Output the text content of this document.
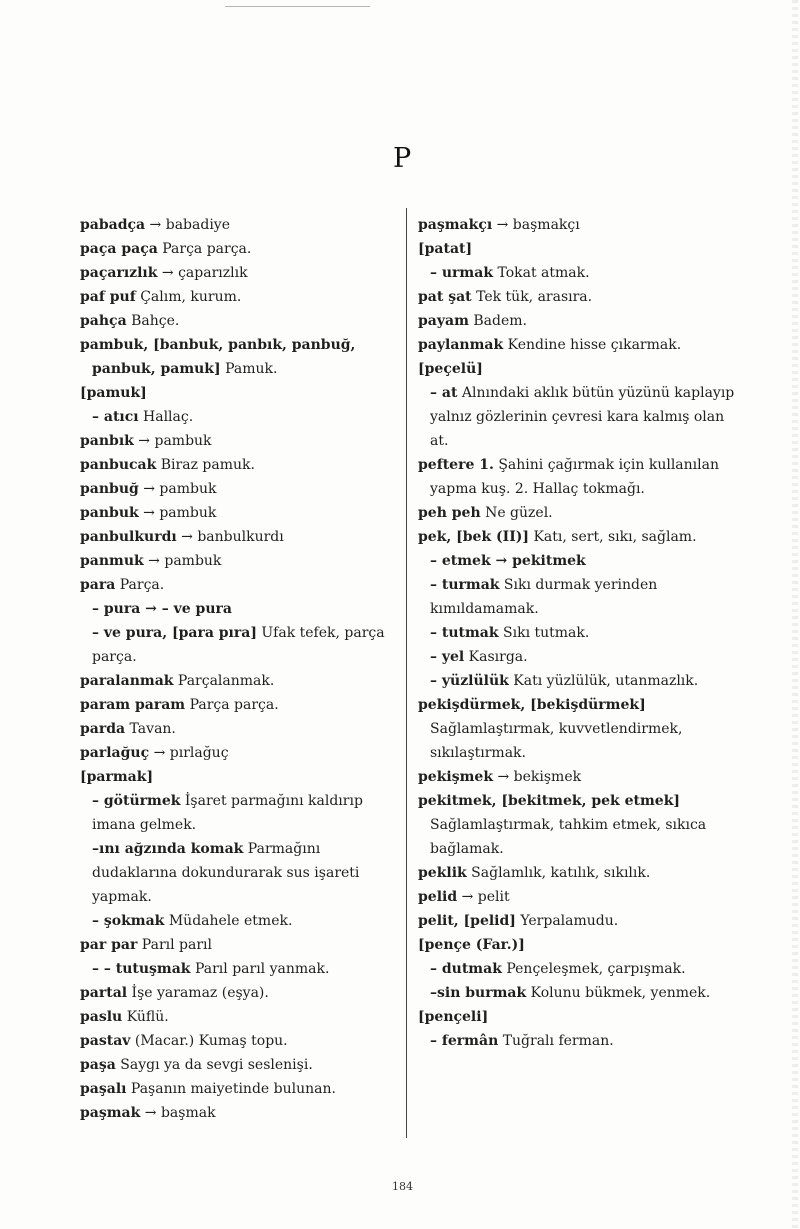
P

pabadça → babadiye

paça paça Parça parça.

paçarızlık → çaparızlık

paf puf Çalım, kurum.

pahça Bahçe.

pambuk, [banbuk, panbık, panbuğ, panbuk, pamuk] Pamuk.

[pamuk]

– atıcı Hallaç.

panbık → pambuk

panbucak Biraz pamuk.

panbuğ → pambuk

panbuk → pambuk

panbulkurdı → banbulkurdı

panmuk → pambuk

para Parça.

– pura → – ve pura

– ve pura, [para pıra] Ufak tefek, parça parça.

paralanmak Parçalanmak.

param param Parça parça.

parda Tavan.

parlağuç → pırlağuç

[parmak]

– götürmek İşaret parmağını kaldırıp imana gelmek.

–ını ağzında komak Parmağını dudaklarına dokundurarak sus işareti yapmak.

– şokmak Müdahele etmek.

par par Parıl parıl

– – tutuşmak Parıl parıl yanmak.

partal İşe yaramaz (eşya).

paslu Küflü.

pastav (Macar.) Kumaş topu.

paşa Saygı ya da sevgi seslenişi.

paşalı Paşanın maiyetinde bulunan.

paşmak → başmak

paşmakçı → başmakçı

[patat]

– urmak Tokat atmak.

pat şat Tek tük, arasıra.

payam Badem.

paylanmak Kendine hisse çıkarmak.

[peçelü]

– at Alnındaki aklık bütün yüzünü kaplayıp yalnız gözlerinin çevresi kara kalmış olan at.

peftere 1. Şahini çağırmak için kullanılan yapma kuş. 2. Hallaç tokmağı.

peh peh Ne güzel.

pek, [bek (II)] Katı, sert, sıkı, sağlam.

– etmek → pekitmek

– turmak Sıkı durmak yerinden kımıldamamak.

– tutmak Sıkı tutmak.

– yel Kasırga.

– yüzlülük Katı yüzlülük, utanmazlık.

pekişdürmek, [bekişdürmek] Sağlamlaştırmak, kuvvetlendirmek, sıkılaştırmak.

pekişmek → bekişmek

pekitmek, [bekitmek, pek etmek] Sağlamlaştırmak, tahkim etmek, sıkıca bağlamak.

peklik Sağlamlık, katılık, sıkılık.

pelid → pelit

pelit, [pelid] Yerpalamudu.

[pençe (Far.)]

– dutmak Pençeleşmek, çarpışmak.

–sin burmak Kolunu bükmek, yenmek.

[pençeli]

– fermân Tuğralı ferman.

184
